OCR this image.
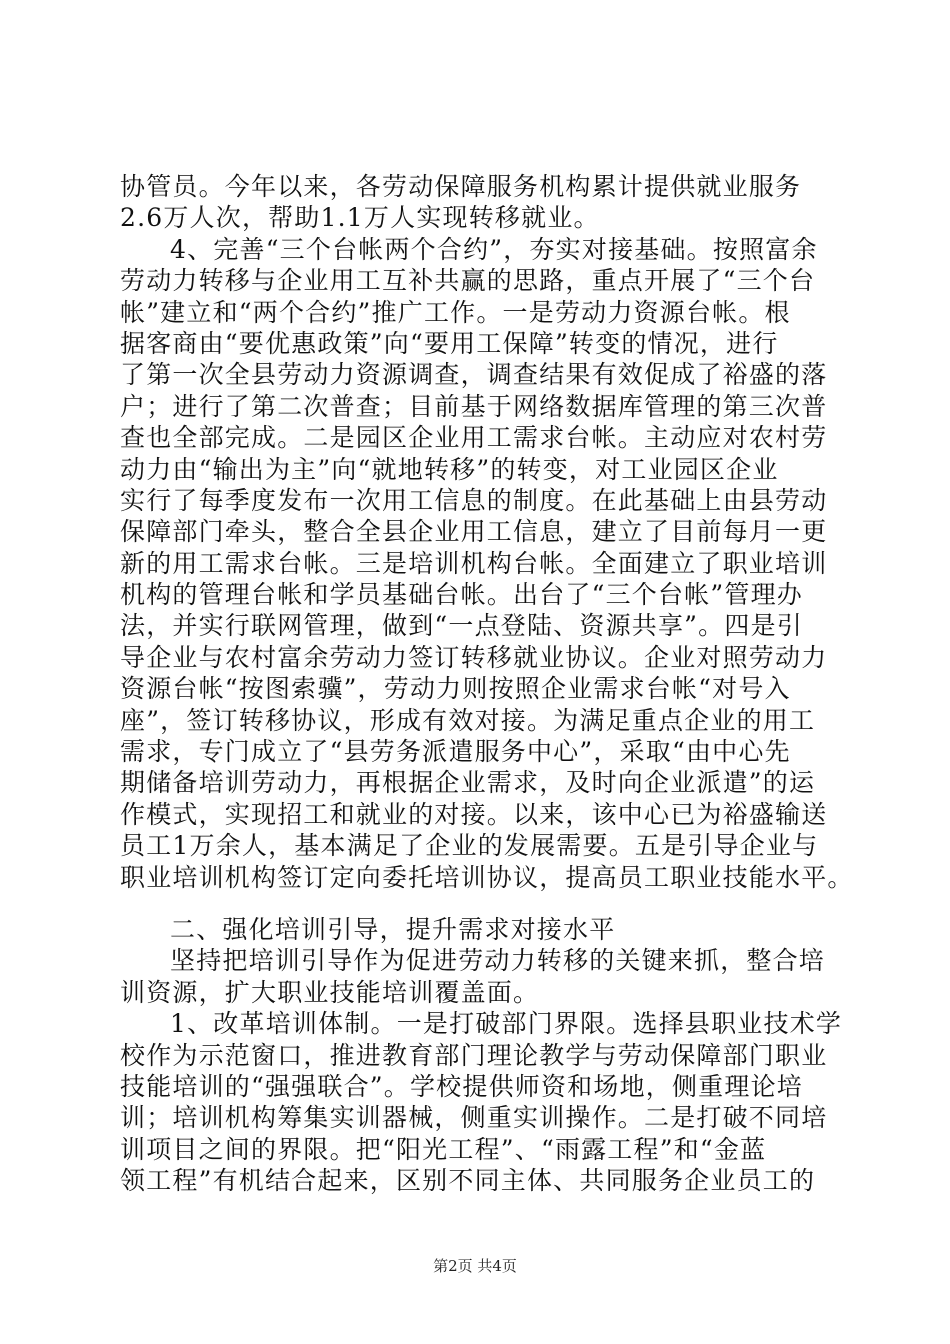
协管员。今年以来，各劳动保障服务机构累计提供就业服务
2.6万人次，帮助1.1万人实现转移就业。
4、完善“三个台帐两个合约”，夯实对接基础。按照富余
劳动力转移与企业用工互补共赢的思路，重点开展了“三个台
帐”建立和“两个合约”推广工作。一是劳动力资源台帐。根
据客商由“要优惠政策”向“要用工保障”转变的情况，进行
了第一次全县劳动力资源调查，调查结果有效促成了裕盛的落
户；进行了第二次普查；目前基于网络数据库管理的第三次普
查也全部完成。二是园区企业用工需求台帐。主动应对农村劳
动力由“输出为主”向“就地转移”的转变，对工业园区企业
实行了每季度发布一次用工信息的制度。在此基础上由县劳动
保障部门牵头，整合全县企业用工信息，建立了目前每月一更
新的用工需求台帐。三是培训机构台帐。全面建立了职业培训
机构的管理台帐和学员基础台帐。出台了“三个台帐”管理办
法，并实行联网管理，做到“一点登陆、资源共享”。四是引
导企业与农村富余劳动力签订转移就业协议。企业对照劳动力
资源台帐“按图索骥”，劳动力则按照企业需求台帐“对号入
座”，签订转移协议，形成有效对接。为满足重点企业的用工
需求，专门成立了“县劳务派遣服务中心”，采取“由中心先
期储备培训劳动力，再根据企业需求，及时向企业派遣”的运
作模式，实现招工和就业的对接。以来，该中心已为裕盛输送
员工1万余人，基本满足了企业的发展需要。五是引导企业与
职业培训机构签订定向委托培训协议，提高员工职业技能水平。
二、强化培训引导，提升需求对接水平
坚持把培训引导作为促进劳动力转移的关键来抓，整合培
训资源，扩大职业技能培训覆盖面。
1、改革培训体制。一是打破部门界限。选择县职业技术学
校作为示范窗口，推进教育部门理论教学与劳动保障部门职业
技能培训的“强强联合”。学校提供师资和场地，侧重理论培
训；培训机构筹集实训器械，侧重实训操作。二是打破不同培
训项目之间的界限。把“阳光工程”、“雨露工程”和“金蓝
领工程”有机结合起来，区别不同主体、共同服务企业员工的
第2页 共4页
